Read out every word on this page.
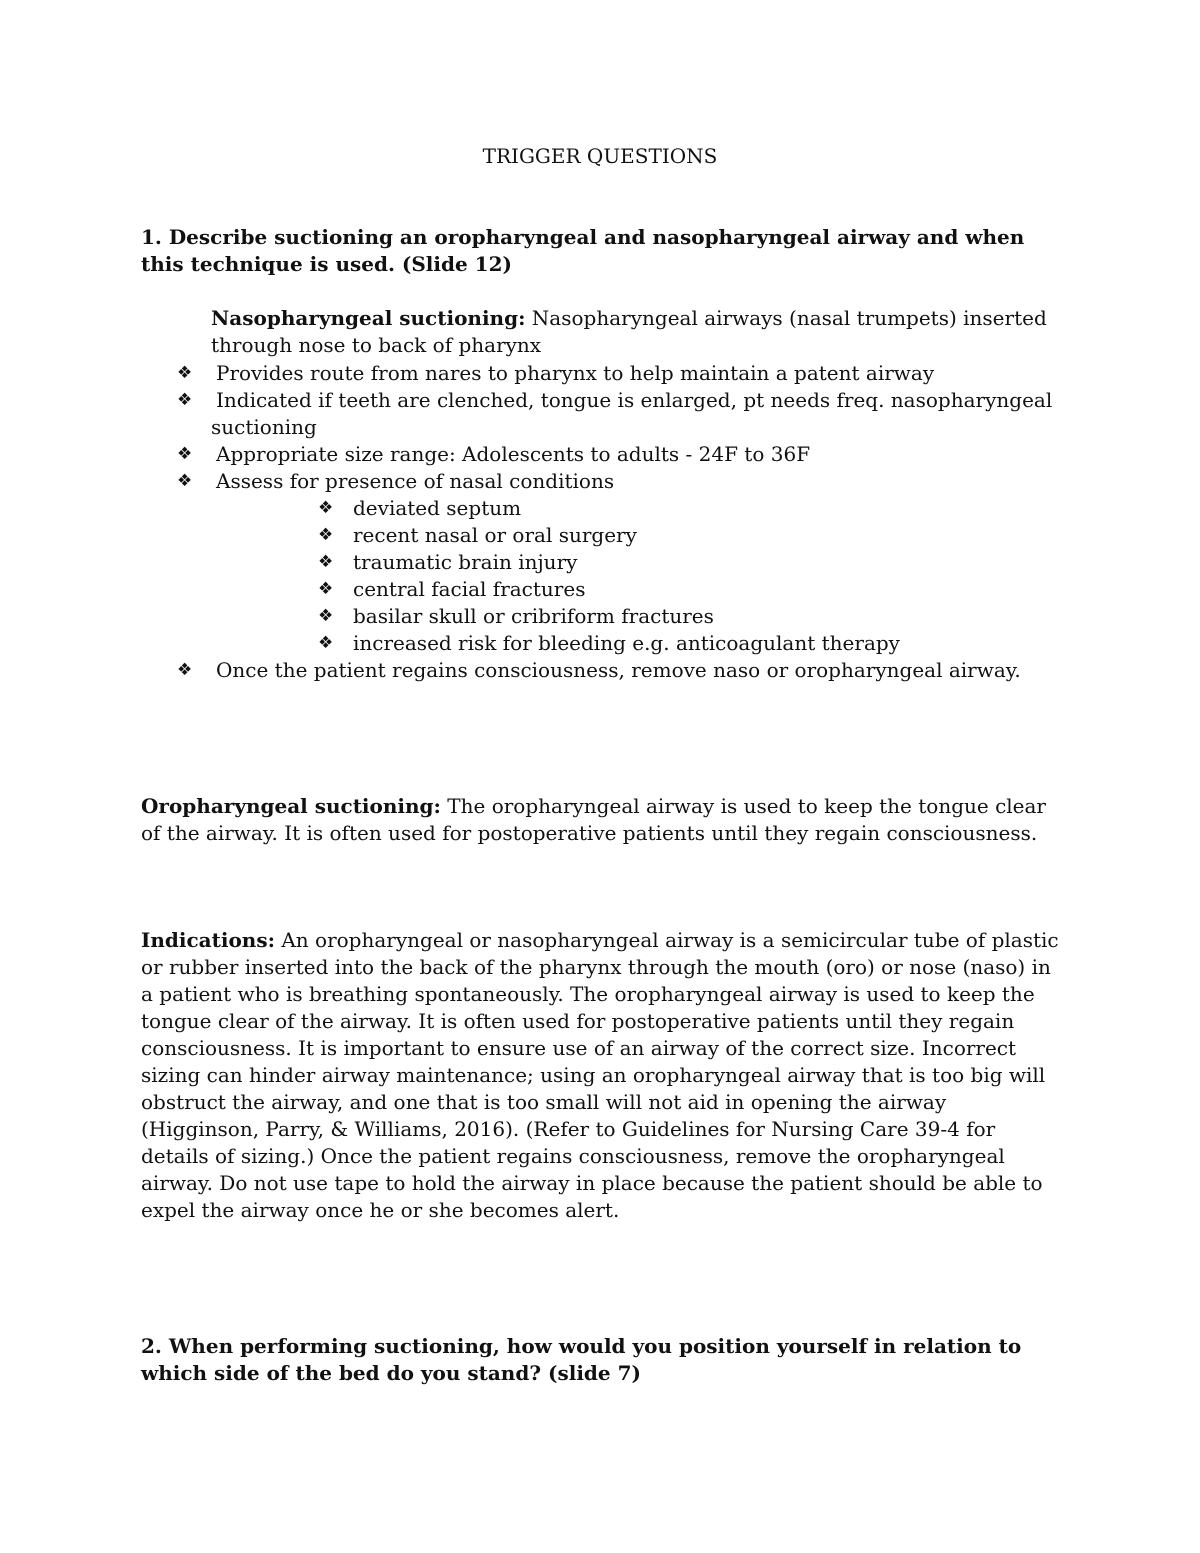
TRIGGER QUESTIONS
1. Describe suctioning an oropharyngeal and nasopharyngeal airway and when this technique is used. (Slide 12)
Nasopharyngeal suctioning: Nasopharyngeal airways (nasal trumpets) inserted through nose to back of pharynx
❖ Provides route from nares to pharynx to help maintain a patent airway
❖ Indicated if teeth are clenched, tongue is enlarged, pt needs freq. nasopharyngeal
suctioning
❖ Appropriate size range: Adolescents to adults - 24F to 36F
❖ Assess for presence of nasal conditions
❖ deviated septum
❖ recent nasal or oral surgery
❖ traumatic brain injury
❖ central facial fractures
❖ basilar skull or cribriform fractures
❖ increased risk for bleeding e.g. anticoagulant therapy
❖ Once the patient regains consciousness, remove naso or oropharyngeal airway.
Oropharyngeal suctioning: The oropharyngeal airway is used to keep the tongue clear of the airway. It is often used for postoperative patients until they regain consciousness.
Indications: An oropharyngeal or nasopharyngeal airway is a semicircular tube of plastic or rubber inserted into the back of the pharynx through the mouth (oro) or nose (naso) in a patient who is breathing spontaneously. The oropharyngeal airway is used to keep the tongue clear of the airway. It is often used for postoperative patients until they regain consciousness. It is important to ensure use of an airway of the correct size. Incorrect sizing can hinder airway maintenance; using an oropharyngeal airway that is too big will obstruct the airway, and one that is too small will not aid in opening the airway (Higginson, Parry, & Williams, 2016). (Refer to Guidelines for Nursing Care 39-4 for details of sizing.) Once the patient regains consciousness, remove the oropharyngeal airway. Do not use tape to hold the airway in place because the patient should be able to expel the airway once he or she becomes alert.
2. When performing suctioning, how would you position yourself in relation to which side of the bed do you stand? (slide 7)
